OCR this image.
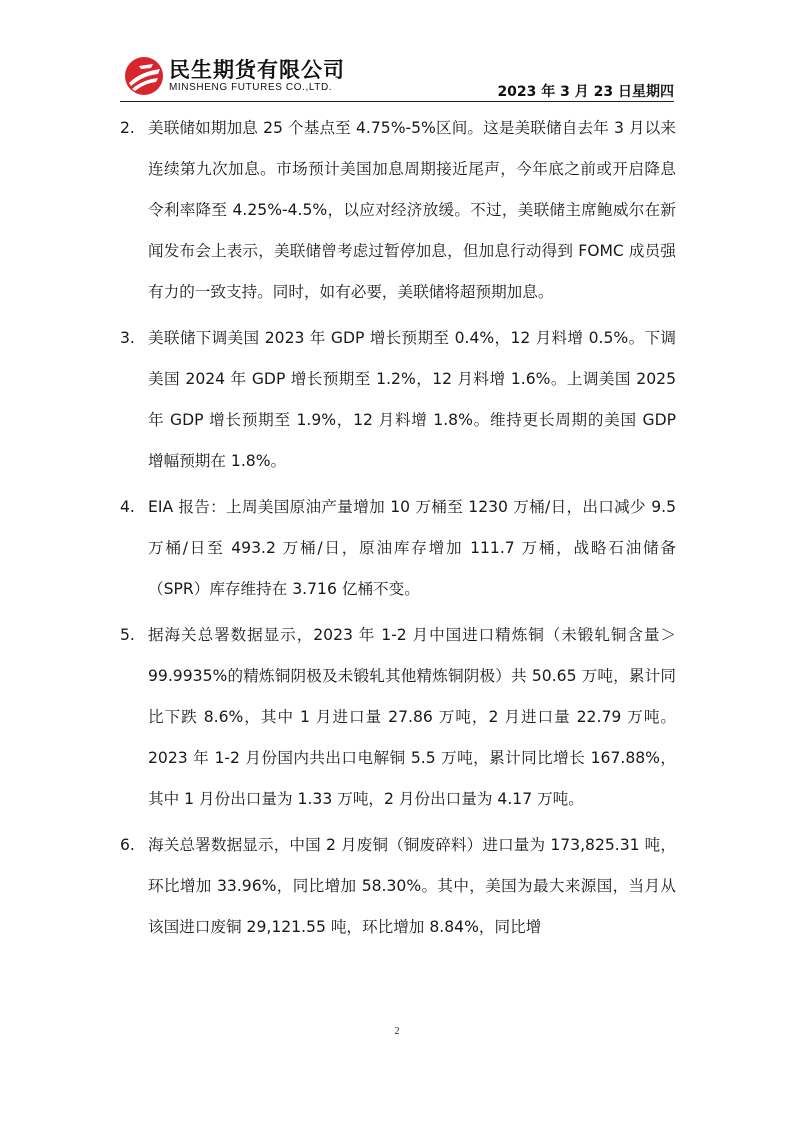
民生期货有限公司
MINSHENG FUTURES CO.,LTD.	2023 年 3 月 23 日星期四
2. 美联储如期加息 25 个基点至 4.75%-5%区间。这是美联储自去年 3 月以来连续第九次加息。市场预计美国加息周期接近尾声，今年底之前或开启降息令利率降至 4.25%-4.5%，以应对经济放缓。不过，美联储主席鲍威尔在新闻发布会上表示，美联储曾考虑过暂停加息，但加息行动得到 FOMC 成员强有力的一致支持。同时，如有必要，美联储将超预期加息。
3. 美联储下调美国 2023 年 GDP 增长预期至 0.4%，12 月料增 0.5%。下调美国 2024 年 GDP 增长预期至 1.2%，12 月料增 1.6%。上调美国 2025 年 GDP 增长预期至 1.9%，12 月料增 1.8%。维持更长周期的美国 GDP 增幅预期在 1.8%。
4. EIA 报告：上周美国原油产量增加 10 万桶至 1230 万桶/日，出口减少 9.5 万桶/日至 493.2 万桶/日，原油库存增加 111.7 万桶，战略石油储备（SPR）库存维持在 3.716 亿桶不变。
5. 据海关总署数据显示，2023 年 1-2 月中国进口精炼铜（未锻轧铜含量＞99.9935%的精炼铜阴极及未锻轧其他精炼铜阴极）共 50.65 万吨，累计同比下跌 8.6%，其中 1 月进口量 27.86 万吨，2 月进口量 22.79 万吨。2023 年 1-2 月份国内共出口电解铜 5.5 万吨，累计同比增长 167.88%，其中 1 月份出口量为 1.33 万吨，2 月份出口量为 4.17 万吨。
6. 海关总署数据显示，中国 2 月废铜（铜废碎料）进口量为 173,825.31 吨，环比增加 33.96%，同比增加 58.30%。其中，美国为最大来源国，当月从该国进口废铜 29,121.55 吨，环比增加 8.84%，同比增
2
